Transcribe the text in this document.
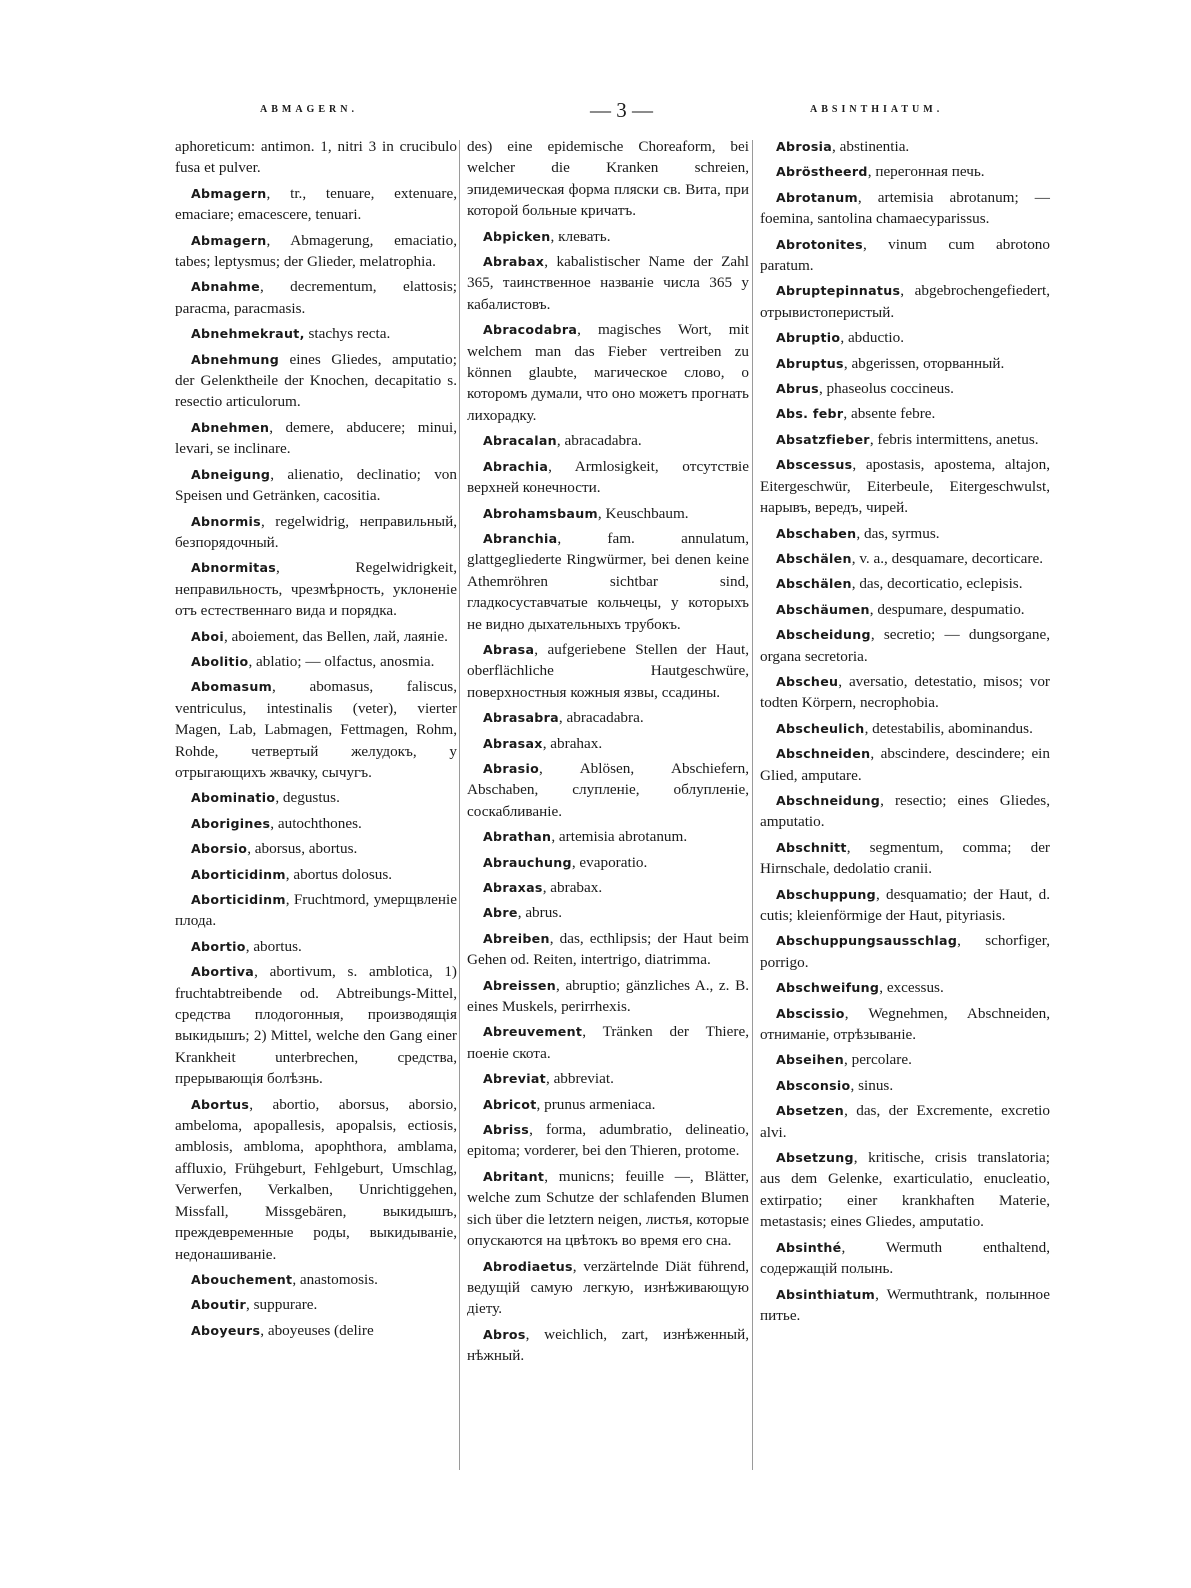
ABMAGERN.	— 3 —	ABSINTHIATUM.

aphoreticum: antimon. 1, nitri 3 in crucibulo fusa et pulver.

Abmagern, tr., tenuare, extenuare, emaciare; emacescere, tenuari.

Abmagern, Abmagerung, emaciatio, tabes; leptysmus; der Glieder, melatrophia.

Abnahme, decrementum, elattosis; paracma, paracmasis.

Abnehmekraut, stachys recta.

Abnehmung eines Gliedes, amputatio; der Gelenktheile der Knochen, decapitatio s. resectio articulorum.

Abnehmen, demere, abducere; minui, levari, se inclinare.

Abneigung, alienatio, declinatio; von Speisen und Getränken, cacositia.

Abnormis, regelwidrig, неправильный, безпорядочный.

Abnormitas, Regelwidrigkeit, неправильность, чрезмѣрность, уклоненіе отъ естественнаго вида и порядка.

Aboi, aboiement, das Bellen, лай, лаяніе.

Abolitio, ablatio; — olfactus, anosmia.

Abomasum, abomasus, faliscus, ventriculus, intestinalis (veter), vierter Magen, Lab, Labmagen, Fettmagen, Rohm, Rohde, четвертый желудокъ, у отрыгающихъ жвачку, сычугъ.

Abominatio, degustus.

Aborigines, autochthones.

Aborsio, aborsus, abortus.

Aborticidinm, abortus dolosus.

Aborticidinm, Fruchtmord, умерщвленіе плода.

Abortio, abortus.

Abortiva, abortivum, s. amblotica, 1) fruchtabtreibende od. Abtreibungs-Mittel, средства плодогонныя, производящія выкидышъ; 2) Mittel, welche den Gang einer Krankheit unterbrechen, средства, прерывающія болѣзнь.

Abortus, abortio, aborsus, aborsio, ambeloma, apopallesis, apopalsis, ectiosis, amblosis, ambloma, apophthora, amblama, affluxio, Frühgeburt, Fehlgeburt, Umschlag, Verwerfen, Verkalben, Unrichtiggehen, Missfall, Missgebären, выкидышъ, преждевременные роды, выкидываніе, недонашиваніе.

Abouchement, anastomosis.

Aboutir, suppurare.

Aboyeurs, aboyeuses (delire

des) eine epidemische Choreaform, bei welcher die Kranken schreien, эпидемическая форма пляски св. Вита, при которой больные кричатъ.

Abpicken, клевать.

Abrabax, kabalistischer Name der Zahl 365, таинственное названіе числа 365 у кабалистовъ.

Abracodabra, magisches Wort, mit welchem man das Fieber vertreiben zu können glaubte, магическое слово, о которомъ думали, что оно можетъ прогнать лихорадку.

Abracalan, abracadabra.

Abrachia, Armlosigkeit, отсутствіе верхней конечности.

Abrohamsbaum, Keuschbaum.

Abranchia, fam. annulatum, glattgegliederte Ringwürmer, bei denen keine Athemröhren sichtbar sind, гладкосуставчатые кольчецы, у которыхъ не видно дыхательныхъ трубокъ.

Abrasa, aufgeriebene Stellen der Haut, oberflächliche Hautgeschwüre, поверхностныя кожныя язвы, ссадины.

Abrasabra, abracadabra.

Abrasax, abrahax.

Abrasio, Ablösen, Abschiefern, Abschaben, слупленіе, облупленіе, соскабливаніе.

Abrathan, artemisia abrotanum.

Abrauchung, evaporatio.

Abraxas, abrabax.

Abre, abrus.

Abreiben, das, ecthlipsis; der Haut beim Gehen od. Reiten, intertrigo, diatrimma.

Abreissen, abruptio; gänzliches A., z. B. eines Muskels, perirrhexis.

Abreuvement, Tränken der Thiere, поеніе скота.

Abreviat, abbreviat.

Abricot, prunus armeniaca.

Abriss, forma, adumbratio, delineatio, epitoma; vorderer, bei den Thieren, protome.

Abritant, municns; feuille —, Blätter, welche zum Schutze der schlafenden Blumen sich über die letztern neigen, листья, которые опускаются на цвѣтокъ во время его сна.

Abrodiaetus, verzärtelnde Diät führend, ведущій самую легкую, изнѣживающую діету.

Abros, weichlich, zart, изнѣженный, нѣжный.

Abrosia, abstinentia.

Abröstheerd, перегонная печь.

Abrotanum, artemisia abrotanum; — foemina, santolina chamaecyparissus.

Abrotonites, vinum cum abrotono paratum.

Abruptepinnatus, abgebrochengefiedert, отрывистоперистый.

Abruptio, abductio.

Abruptus, abgerissen, оторванный.

Abrus, phaseolus coccineus.

Abs. febr, absente febre.

Absatzfieber, febris intermittens, anetus.

Abscessus, apostasis, apostema, altajon, Eitergeschwür, Eiterbeule, Eitergeschwulst, нарывъ, вередъ, чирей.

Abschaben, das, syrmus.

Abschälen, v. a., desquamare, decorticare.

Abschälen, das, decorticatio, eclepisis.

Abschäumen, despumare, despumatio.

Abscheidung, secretio; — dungsorgane, organa secretoria.

Abscheu, aversatio, detestatio, misos; vor todten Körpern, necrophobia.

Abscheulich, detestabilis, abominandus.

Abschneiden, abscindere, descindere; ein Glied, amputare.

Abschneidung, resectio; eines Gliedes, amputatio.

Abschnitt, segmentum, comma; der Hirnschale, dedolatio cranii.

Abschuppung, desquamatio; der Haut, d. cutis; kleienförmige der Haut, pityriasis.

Abschuppungsausschlag, schorfiger, porrigo.

Abschweifung, excessus.

Abscissio, Wegnehmen, Abschneiden, отниманіе, отрѣзываніе.

Abseihen, percolare.

Absconsio, sinus.

Absetzen, das, der Excremente, excretio alvi.

Absetzung, kritische, crisis translatoria; aus dem Gelenke, exarticulatio, enucleatio, extirpatio; einer krankhaften Materie, metastasis; eines Gliedes, amputatio.

Absinthé, Wermuth enthaltend, содержащій полынь.

Absinthiatum, Wermuthtrank, полынное питье.
